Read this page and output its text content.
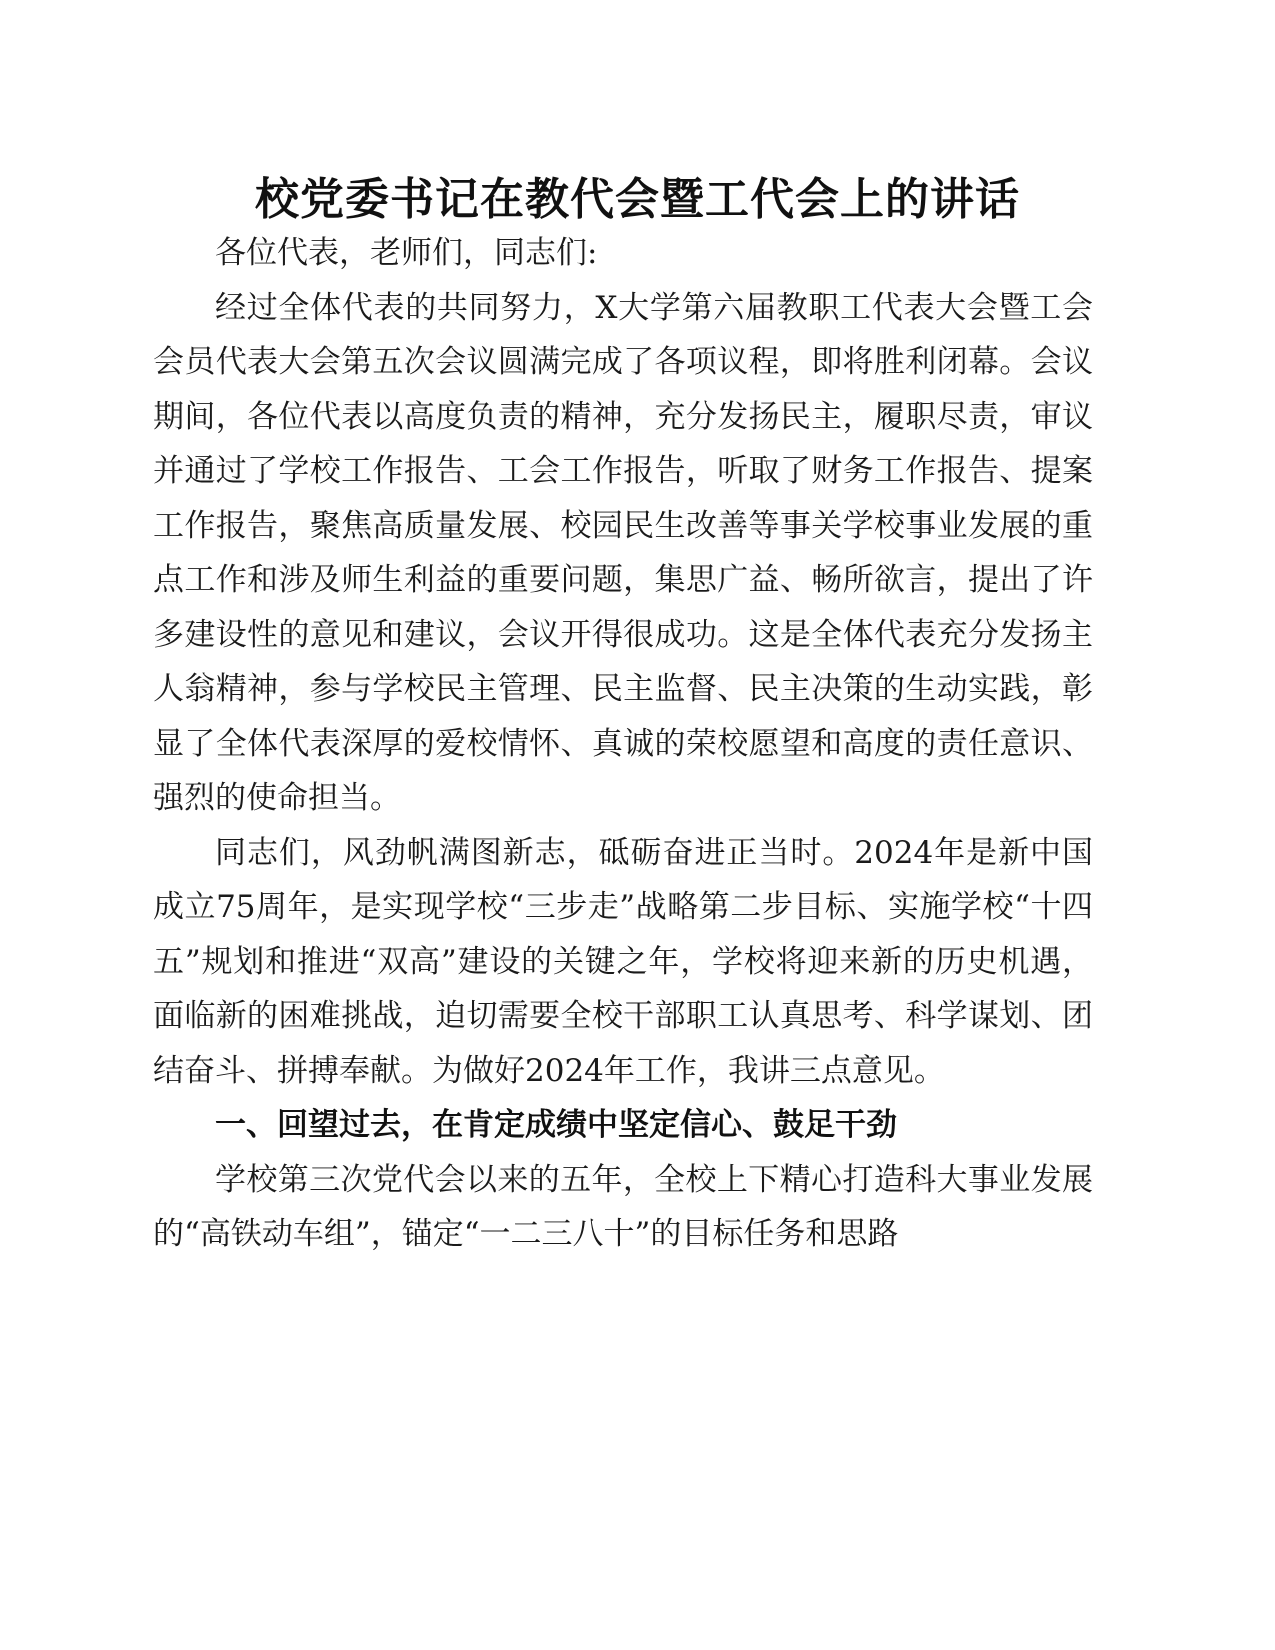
校党委书记在教代会暨工代会上的讲话

各位代表，老师们，同志们:

经过全体代表的共同努力，X大学第六届教职工代表大会暨工会会员代表大会第五次会议圆满完成了各项议程，即将胜利闭幕。会议期间，各位代表以高度负责的精神，充分发扬民主，履职尽责，审议并通过了学校工作报告、工会工作报告，听取了财务工作报告、提案工作报告，聚焦高质量发展、校园民生改善等事关学校事业发展的重点工作和涉及师生利益的重要问题，集思广益、畅所欲言，提出了许多建设性的意见和建议，会议开得很成功。这是全体代表充分发扬主人翁精神，参与学校民主管理、民主监督、民主决策的生动实践，彰显了全体代表深厚的爱校情怀、真诚的荣校愿望和高度的责任意识、强烈的使命担当。

同志们，风劲帆满图新志，砥砺奋进正当时。2024年是新中国成立75周年，是实现学校“三步走”战略第二步目标、实施学校“十四五”规划和推进“双高”建设的关键之年，学校将迎来新的历史机遇，面临新的困难挑战，迫切需要全校干部职工认真思考、科学谋划、团结奋斗、拼搏奉献。为做好2024年工作，我讲三点意见。

一、回望过去，在肯定成绩中坚定信心、鼓足干劲

学校第三次党代会以来的五年，全校上下精心打造科大事业发展的“高铁动车组”，锚定“一二三八十”的目标任务和思路
